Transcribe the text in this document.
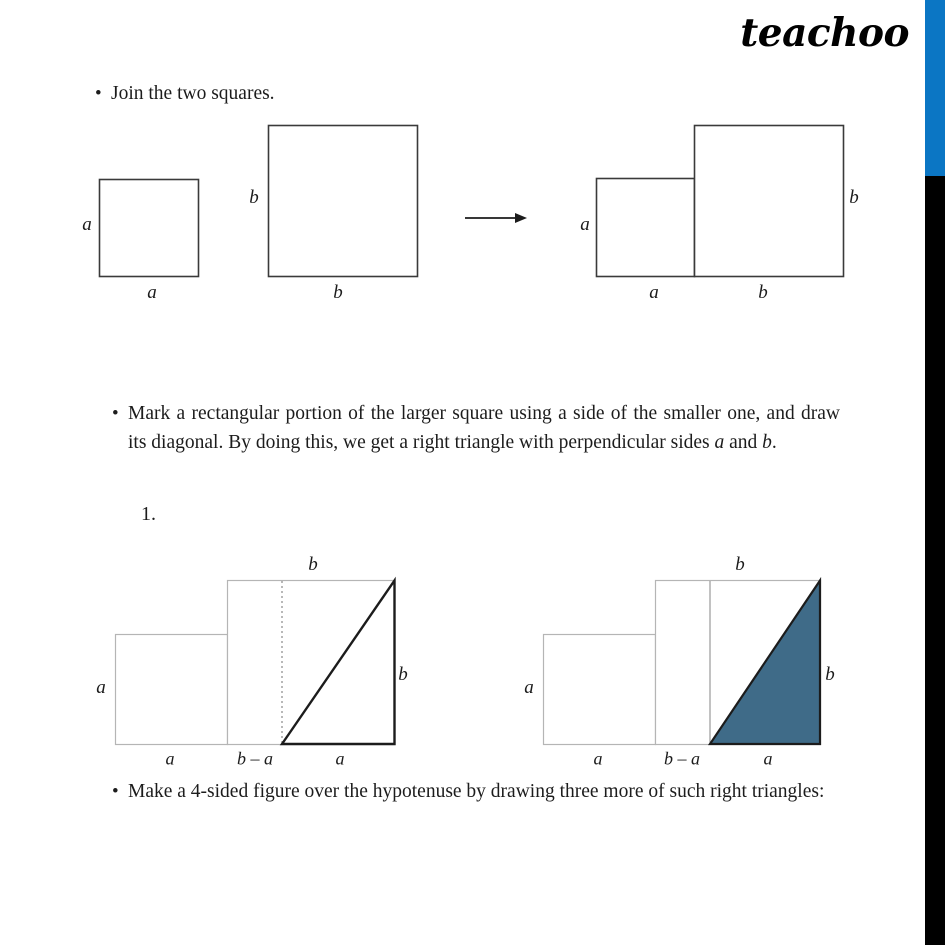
teachoo
• Join the two squares.
a
a
b
b
a
a
b
b
• Mark a rectangular portion of the larger square using a side of the smaller one, and draw its diagonal. By doing this, we get a right triangle with perpendicular sides a and b.
1.
a
b
b
a	b – a	a
a
b
b
a	b – a	a
• Make a 4-sided figure over the hypotenuse by drawing three more of such right triangles:
